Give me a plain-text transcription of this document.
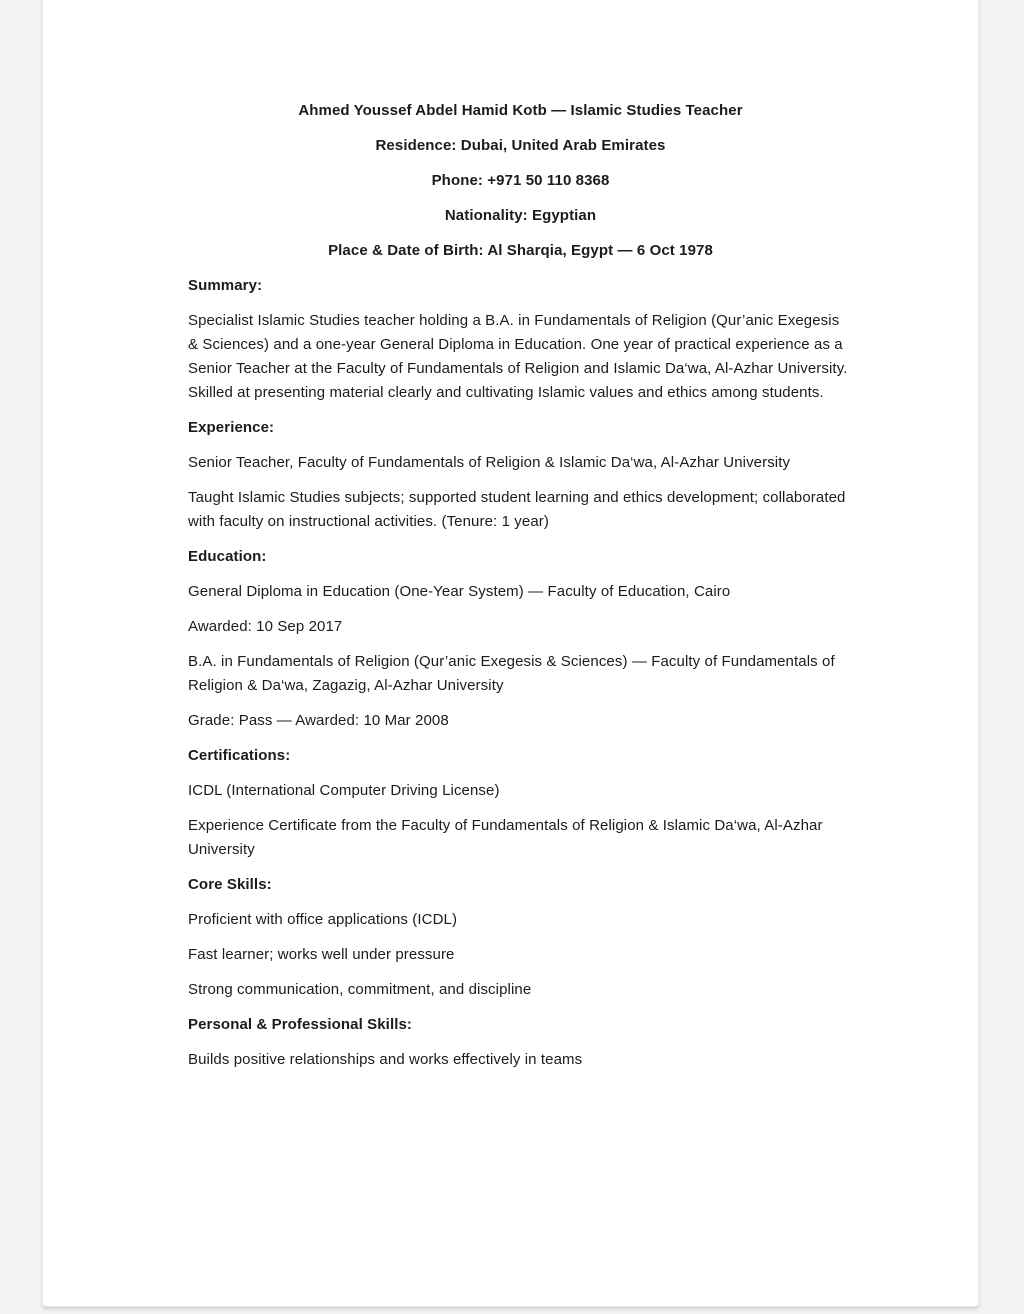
Ahmed Youssef Abdel Hamid Kotb — Islamic Studies Teacher

Residence: Dubai, United Arab Emirates

Phone: +971 50 110 8368

Nationality: Egyptian

Place & Date of Birth: Al Sharqia, Egypt — 6 Oct 1978

Summary:

Specialist Islamic Studies teacher holding a B.A. in Fundamentals of Religion (Qur’anic Exegesis & Sciences) and a one-year General Diploma in Education. One year of practical experience as a Senior Teacher at the Faculty of Fundamentals of Religion and Islamic Da‘wa, Al-Azhar University. Skilled at presenting material clearly and cultivating Islamic values and ethics among students.

Experience:

Senior Teacher, Faculty of Fundamentals of Religion & Islamic Da‘wa, Al-Azhar University

Taught Islamic Studies subjects; supported student learning and ethics development; collaborated with faculty on instructional activities. (Tenure: 1 year)

Education:

General Diploma in Education (One-Year System) — Faculty of Education, Cairo

Awarded: 10 Sep 2017

B.A. in Fundamentals of Religion (Qur’anic Exegesis & Sciences) — Faculty of Fundamentals of Religion & Da‘wa, Zagazig, Al-Azhar University

Grade: Pass — Awarded: 10 Mar 2008

Certifications:

ICDL (International Computer Driving License)

Experience Certificate from the Faculty of Fundamentals of Religion & Islamic Da‘wa, Al-Azhar University

Core Skills:

Proficient with office applications (ICDL)

Fast learner; works well under pressure

Strong communication, commitment, and discipline

Personal & Professional Skills:

Builds positive relationships and works effectively in teams
